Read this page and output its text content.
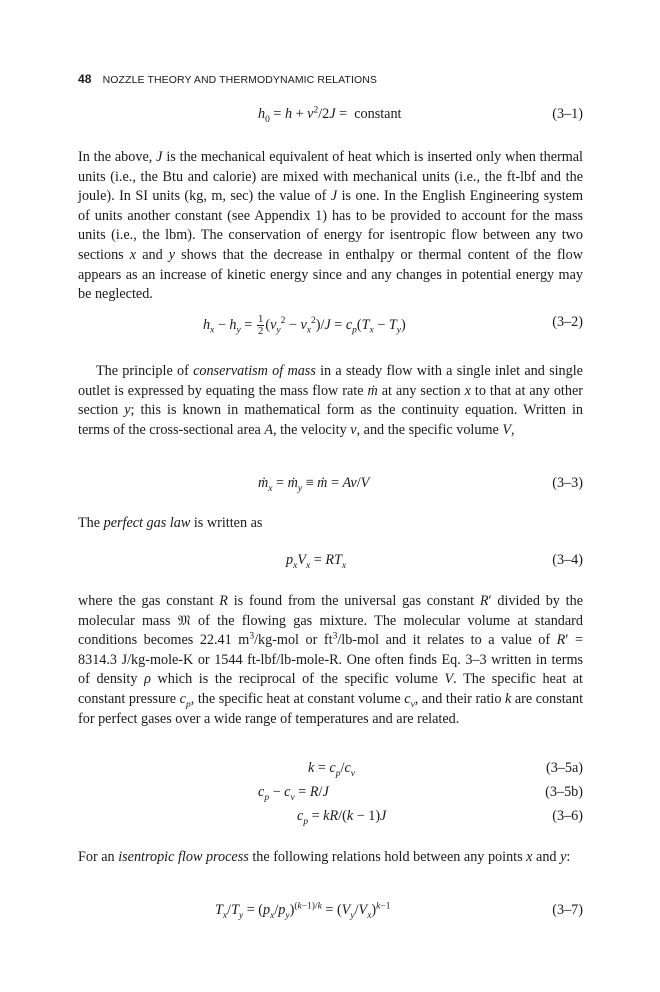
48 NOZZLE THEORY AND THERMODYNAMIC RELATIONS
$h_0 = h + v^2/2J$ =  constant	(3–1)
In the above, J is the mechanical equivalent of heat which is inserted only when thermal units (i.e., the Btu and calorie) are mixed with mechanical units (i.e., the ft-lbf and the joule). In SI units (kg, m, sec) the value of J is one. In the English Engineering system of units another constant (see Appendix 1) has to be provided to account for the mass units (i.e., the lbm). The conservation of energy for isentropic flow between any two sections x and y shows that the decrease in enthalpy or thermal content of the flow appears as an increase of kinetic energy since and any changes in potential energy may be neglected.
$h_x - h_y = \frac{1}{2} (v_y^2 - v_x^2)/J = c_p(T_x - T_y)$	(3–2)
The principle of conservatism of mass in a steady flow with a single inlet and single outlet is expressed by equating the mass flow rate ṁ at any section x to that at any other section y; this is known in mathematical form as the continuity equation. Written in terms of the cross-sectional area A, the velocity v, and the specific volume V,
ṁ$_x$ = ṁ$_y$ ≡ ṁ = Av/V	(3–3)
The perfect gas law is written as
$p_xV_x = RT_x$	(3–4)
where the gas constant R is found from the universal gas constant R′ divided by the molecular mass 𝔐 of the flowing gas mixture. The molecular volume at standard conditions becomes 22.41 $m^3/kg$-mol or $ft^3/lb$-mol and it relates to a value of R′ = 8314.3 J/kg-mole-K or 1544 ft-lbf/lb-mole-R. One often finds Eq. 3–3 written in terms of density ρ which is the reciprocal of the specific volume V. The specific heat at constant pressure $c_p$, the specific heat at constant volume $c_v$, and their ratio k are constant for perfect gases over a wide range of temperatures and are related.
$k = c_p/c_v$	(3–5a)
$c_p - c_v = R/J$	(3–5b)
$c_p = kR/(k - 1)J$	(3–6)
For an isentropic flow process the following relations hold between any points x and y:
$T_x/T_y = (p_x/p_y)^{(k-1)/k} = (V_y/V_x)^{k-1}$	(3–7)
